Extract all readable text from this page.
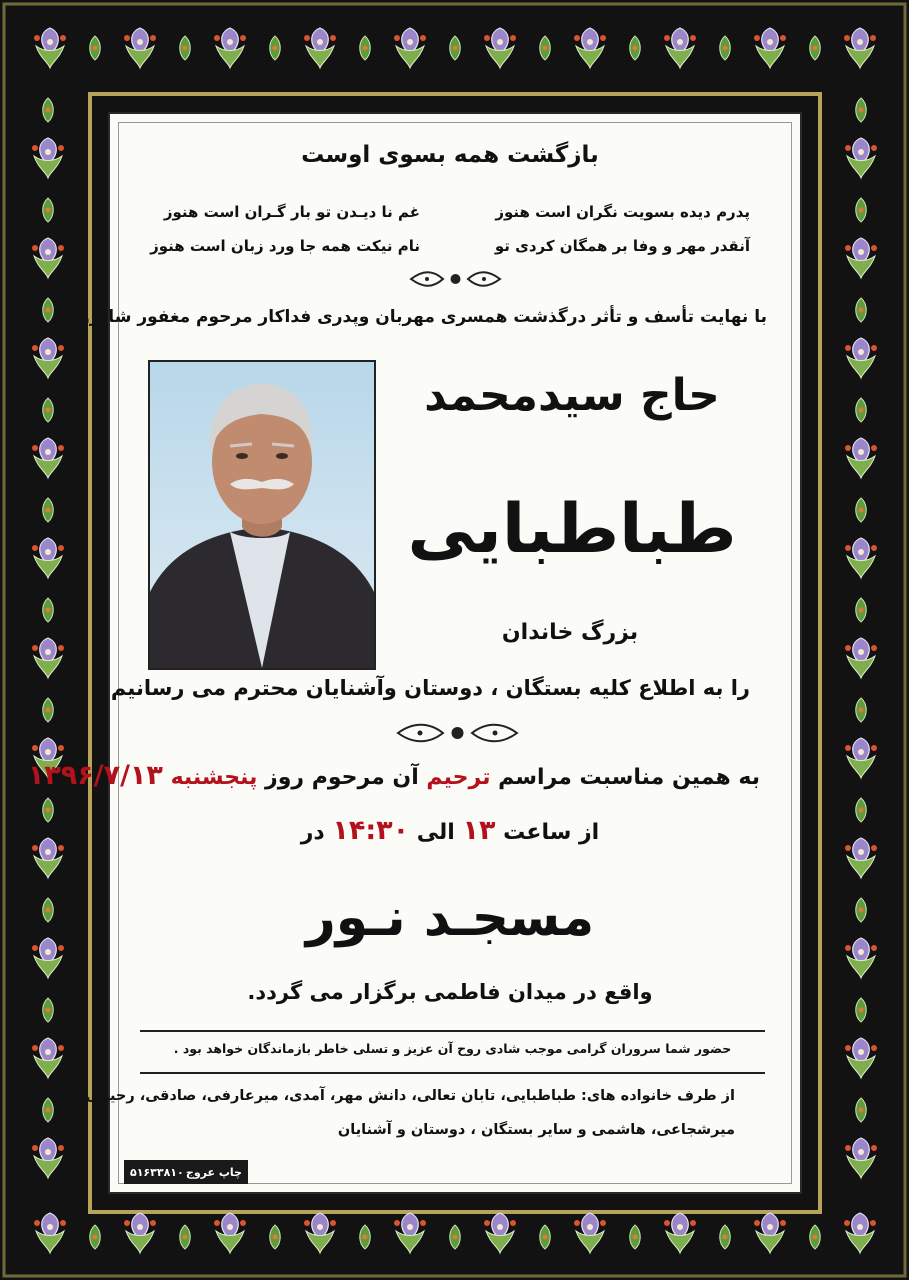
بازگشت همه بسوی اوست
پدرم دیده بسویت نگران است هنوز
آنقدر مهر و وفا بر همگان کردی تو
غم نا دیـدن تو بار گـران است هنوز
نام نیکت همه جا ورد زبان است هنوز
با نهایت تأسف و تأثر درگذشت همسری مهربان وپدری فداکار مرحوم مغفور شادروان
حاج سیدمحمد
طباطبایی
بزرگ خاندان
را به اطلاع کلیه بستگان ، دوستان وآشنایان محترم می رسانیم
به همین مناسبت مراسم ترحیم آن مرحوم روز پنجشنبه ۱۳۹۶/۷/۱۳
از ساعت ۱۳ الی ۱۴:۳۰ در
مسجـد نـور
واقع در میدان فاطمی برگزار می گردد.
حضور شما سروران گرامی موجب شادی روح آن عزیز و تسلی خاطر بازماندگان خواهد بود .
از طرف خانواده های: طباطبایی، تابان تعالی، دانش مهر، آمدی، میرعارفی، صادقی، رحیمی
میرشجاعی، هاشمی و سایر بستگان ، دوستان و آشنایان
چاپ عروج
۵۱۶۳۳۸۱۰
